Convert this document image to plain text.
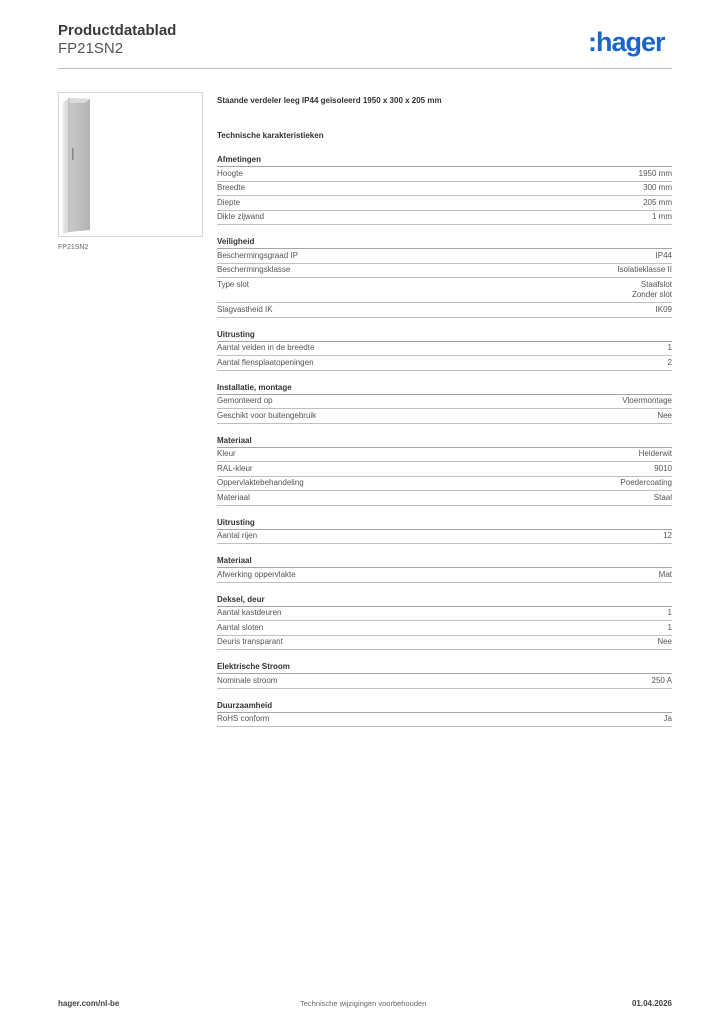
Productdatablad
FP21SN2	:hager
FP21SN2
Staande verdeler leeg IP44 geïsoleerd 1950 x 300 x 205 mm
Technische karakteristieken
Afmetingen
Hoogte	1950 mm
Breedte	300 mm
Diepte	205 mm
Dikte zijwand	1 mm
Veiligheid
Beschermingsgraad IP	IP44
Beschermingsklasse	Isolatieklasse II
Type slot	Staafslot
Zonder slot
Slagvastheid IK	IK09
Uitrusting
Aantal velden in de breedte	1
Aantal flensplaatopeningen	2
Installatie, montage
Gemonteerd op	Vloermontage
Geschikt voor buitengebruik	Nee
Materiaal
Kleur	Helderwit
RAL-kleur	9010
Oppervlaktebehandeling	Poedercoating
Materiaal	Staal
Uitrusting
Aantal rijen	12
Materiaal
Afwerking oppervlakte	Mat
Deksel, deur
Aantal kastdeuren	1
Aantal sloten	1
Deuris transparant	Nee
Elektrische Stroom
Nominale stroom	250 A
Duurzaamheid
RoHS conform	Ja
hager.com/nl-be	Technische wijzigingen voorbehouden	01.04.2026
